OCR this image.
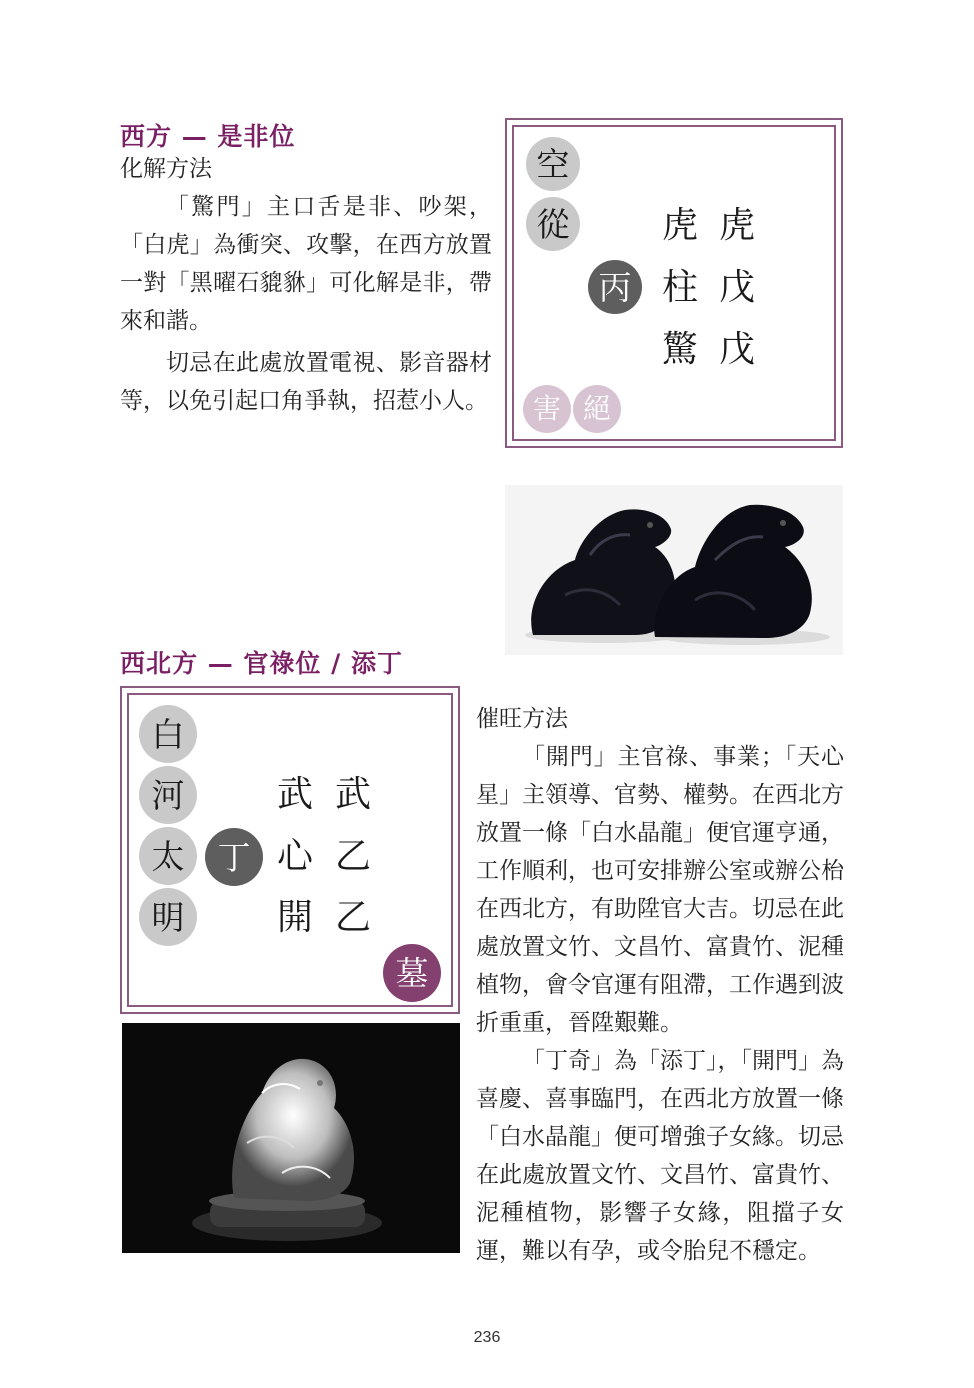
西方 — 是非位

化解方法

「驚門」主口舌是非、吵架，「白虎」為衝突、攻擊，在西方放置一對「黑曜石貔貅」可化解是非，帶來和諧。

切忌在此處放置電視、影音器材等，以免引起口角爭執，招惹小人。

空
從	虎 虎
丙 柱 戊
驚 戊
害 絕
西北方 — 官祿位 / 添丁
白
河
太
明
武 武
丁 心 乙
開 乙
墓

催旺方法

「開門」主官祿、事業；「天心星」主領導、官勢、權勢。在西北方放置一條「白水晶龍」便官運亨通，工作順利，也可安排辦公室或辦公枱在西北方，有助陞官大吉。切忌在此處放置文竹、文昌竹、富貴竹、泥種植物，會令官運有阻滯，工作遇到波折重重，晉陞艱難。

「丁奇」為「添丁」，「開門」為喜慶、喜事臨門，在西北方放置一條「白水晶龍」便可增強子女緣。切忌在此處放置文竹、文昌竹、富貴竹、泥種植物，影響子女緣，阻擋子女運，難以有孕，或令胎兒不穩定。

236
